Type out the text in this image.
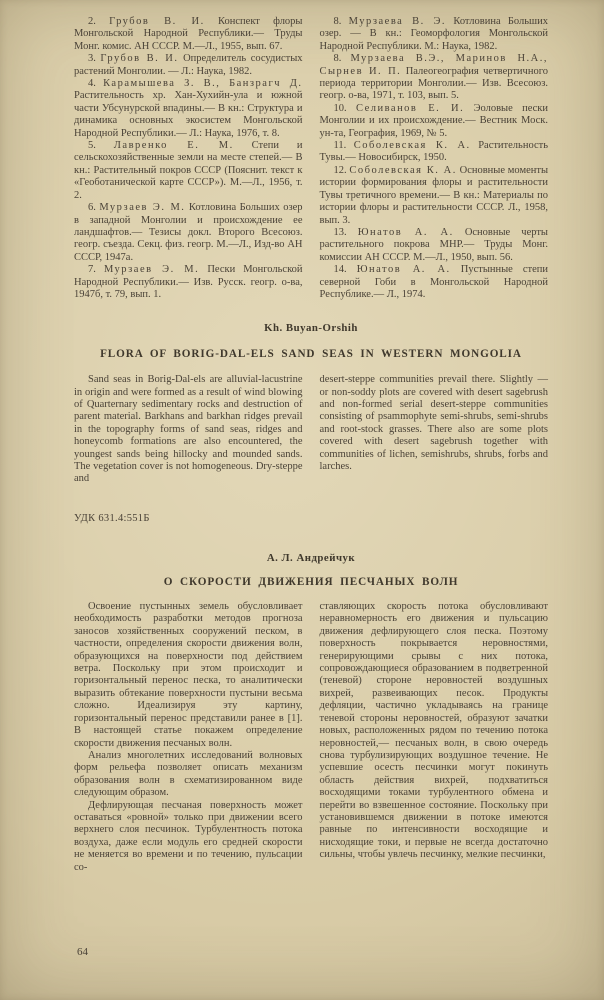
2. Грубов В. И. Конспект флоры Монгольской Народной Республики.— Труды Монг. комис. АН СССР. М.—Л., 1955, вып. 67.

3. Грубов В. И. Определитель сосудистых растений Монголии. — Л.: Наука, 1982.

4. Карамышева З. В., Банзрагч Д. Растительность хр. Хан-Хухийн-ула и южной части Убсунурской впадины.— В кн.: Структура и динамика основных экосистем Монгольской Народной Республики.— Л.: Наука, 1976, т. 8.

5. Лавренко Е. М. Степи и сельскохозяйственные земли на месте степей.— В кн.: Растительный покров СССР (Пояснит. текст к «Геоботанической карте СССР»). М.—Л., 1956, т. 2.

6. Мурзаев Э. М. Котловина Больших озер в западной Монголии и происхождение ее ландшафтов.— Тезисы докл. Второго Всесоюз. геогр. съезда. Секц. физ. геогр. М.—Л., Изд-во АН СССР, 1947а.

7. Мурзаев Э. М. Пески Монгольской Народной Республики.— Изв. Русск. геогр. о-ва, 1947б, т. 79, вып. 1.

8. Мурзаева В. Э. Котловина Больших озер. — В кн.: Геоморфология Монгольской Народной Республики. М.: Наука, 1982.

8. Мурзаева В.Э., Маринов Н.А., Сырнев И. П. Палеогеография четвертичного периода территории Монголии.— Изв. Всесоюз. геогр. о-ва, 1971, т. 103, вып. 5.

10. Селиванов Е. И. Эоловые пески Монголии и их происхождение.— Вестник Моск. ун-та, География, 1969, № 5.

11. Соболевская К. А. Растительность Тувы.— Новосибирск, 1950.

12. Соболевская К. А. Основные моменты истории формирования флоры и растительности Тувы третичного времени.— В кн.: Материалы по истории флоры и растительности СССР. Л., 1958, вып. 3.

13. Юнатов А. А. Основные черты растительного покрова МНР.— Труды Монг. комиссии АН СССР. М.—Л., 1950, вып. 56.

14. Юнатов А. А. Пустынные степи северной Гоби в Монгольской Народной Республике.— Л., 1974.

Kh. Buyan-Orshih

FLORA OF BORIG-DAL-ELS SAND SEAS IN WESTERN MONGOLIA

Sand seas in Borig-Dal-els are alluvial-lacustrine in origin and were formed as a result of wind blowing of Quarternary sedimentary rocks and destruction of parent material. Barkhans and barkhan ridges prevail in the topography forms of sand seas, ridges and honeycomb formations are also encountered, the youngest sands being hillocky and mounded sands. The vegetation cover is not homogeneous. Dry-steppe and

desert-steppe communities prevail there. Slightly — or non-soddy plots are covered with desert sagebrush and non-formed serial desert-steppe communities consisting of psammophyte semi-shrubs, semi-shrubs and root-stock grasses. There also are some plots covered with desert sagebrush together with communities of lichen, semishrubs, shrubs, forbs and larches.

УДК 631.4:551Б

А. Л. Андрейчук

О СКОРОСТИ ДВИЖЕНИЯ ПЕСЧАНЫХ ВОЛН

Освоение пустынных земель обусловливает необходимость разработки методов прогноза заносов хозяйственных сооружений песком, в частности, определения скорости движения волн, образующихся на поверхности под действием ветра. Поскольку при этом происходит и горизонтальный перенос песка, то аналитически выразить обтекание поверхности пустыни весьма сложно. Идеализируя эту картину, горизонтальный перенос представили ранее в [1]. В настоящей статье покажем определение скорости движения песчаных волн.

Анализ многолетних исследований волновых форм рельефа позволяет описать механизм образования волн в схематизированном виде следующим образом.

Дефлирующая песчаная поверхность может оставаться «ровной» только при движении всего верхнего слоя песчинок. Турбулентность потока воздуха, даже если модуль его средней скорости не меняется во времени и по течению, пульсации со-

ставляющих скорость потока обусловливают неравномерность его движения и пульсацию движения дефлирующего слоя песка. Поэтому поверхность покрывается неровностями, генерирующими срывы с них потока, сопровождающиеся образованием в подветренной (теневой) стороне неровностей воздушных вихрей, развеивающих песок. Продукты дефляции, частично укладываясь на границе теневой стороны неровностей, образуют зачатки новых, расположенных рядом по течению потока неровностей,— песчаных волн, в свою очередь снова турбулизирующих воздушное течение. Не успевшие осесть песчинки могут покинуть область действия вихрей, подхватиться восходящими токами турбулентного обмена и перейти во взвешенное состояние. Поскольку при установившемся движении в потоке имеются равные по интенсивности восходящие и нисходящие токи, и первые не всегда достаточно сильны, чтобы увлечь песчинку, мелкие песчинки,

64
